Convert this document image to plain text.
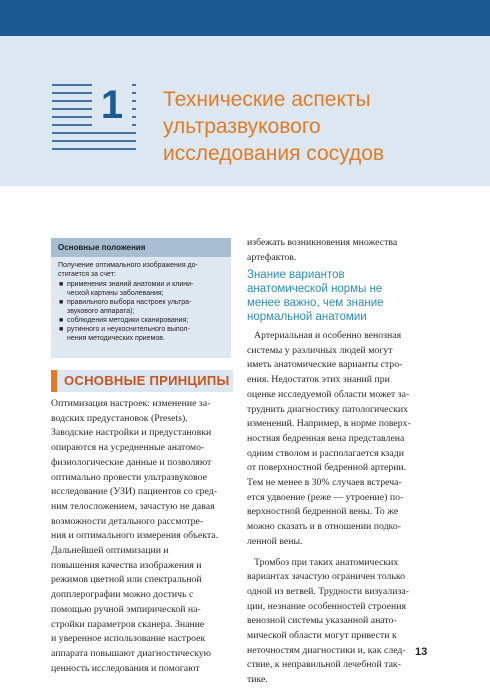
1	Технические аспекты
ультразвукового
исследования сосудов
Основные положения
Получение оптимального изображения до-
стигается за счет:
■ применения знаний анатомии и клини-
ческой картины заболевания;
■ правильного выбора настроек ультра-
звукового аппарата);
■ соблюдения методики сканирования;
■ рутинного и неукоснительного выпол-
нения методических приемов.
ОСНОВНЫЕ ПРИНЦИПЫ
Оптимизация настроек: изменение за-
водских предустановок (Presets).
Заводские настройки и предустановки
опираются на усредненные анатомо-
физиологические данные и позволяют
оптимально провести ультразвуковое
исследование (УЗИ) пациентов со сред-
ним телосложением, зачастую не давая
возможности детального рассмотре-
ния и оптимального измерения объекта.
Дальнейшей оптимизации и
повышения качества изображения и
режимов цветной или спектральной
допплерографии можно достичь с
помощью ручной эмпирической на-
стройки параметров сканера. Знание
и уверенное использование настроек
аппарата повышают диагностическую
ценность исследования и помогают
избежать возникновения множества
артефактов.
Знание вариантов
анатомической нормы не
менее важно, чем знание
нормальной анатомии
Артериальная и особенно венозная
системы у различных людей могут
иметь анатомические варианты стро-
ения. Недостаток этих знаний при
оценке исследуемой области может за-
труднить диагностику патологических
изменений. Например, в норме поверх-
ностная бедренная вена представлена
одним стволом и располагается кзади
от поверхностной бедренной артерии.
Тем не менее в 30% случаев встреча-
ется удвоение (реже — утроение) по-
верхностной бедренной вены. То же
можно сказать и в отношении подко-
ленной вены.
Тромбоз при таких анатомических
вариантах зачастую ограничен только
одной из ветвей. Трудности визуализа-
ции, незнание особенностей строения
венозной системы указанной анато-
мической области могут привести к
неточностям диагностики и, как след-
ствие, к неправильной лечебной так-
тике.
13
